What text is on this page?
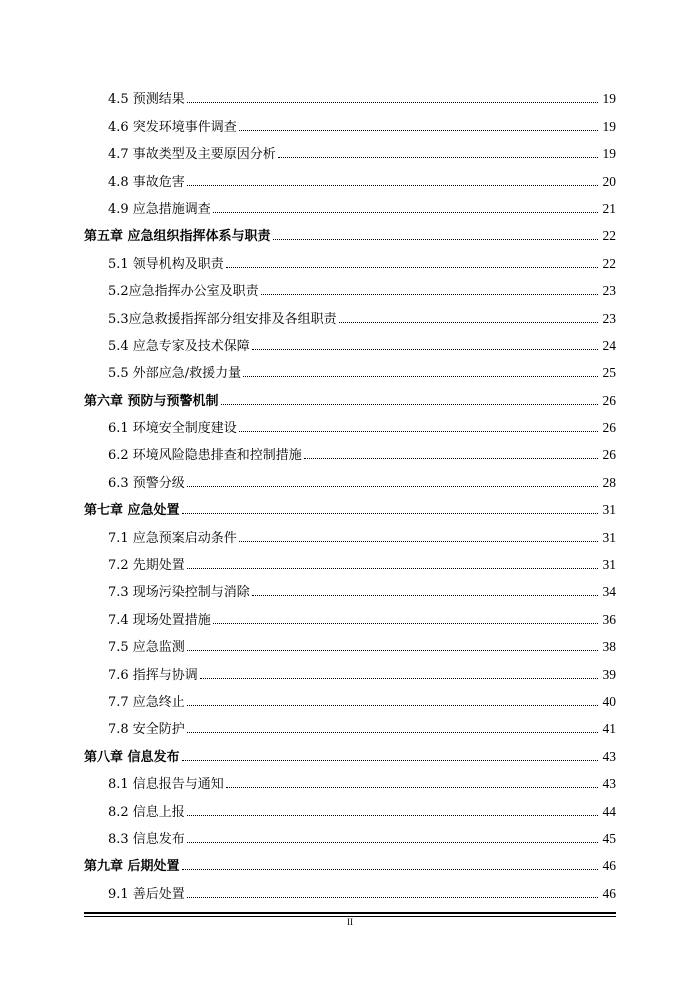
4.5 预测结果	19
4.6 突发环境事件调查	19
4.7 事故类型及主要原因分析	19
4.8 事故危害	20
4.9 应急措施调查	21
第五章 应急组织指挥体系与职责	22
5.1 领导机构及职责	22
5.2应急指挥办公室及职责	23
5.3应急救援指挥部分组安排及各组职责	23
5.4 应急专家及技术保障	24
5.5 外部应急/救援力量	25
第六章 预防与预警机制	26
6.1 环境安全制度建设	26
6.2 环境风险隐患排查和控制措施	26
6.3 预警分级	28
第七章 应急处置	31
7.1 应急预案启动条件	31
7.2 先期处置	31
7.3 现场污染控制与消除	34
7.4 现场处置措施	36
7.5 应急监测	38
7.6 指挥与协调	39
7.7 应急终止	40
7.8 安全防护	41
第八章 信息发布	43
8.1 信息报告与通知	43
8.2 信息上报	44
8.3 信息发布	45
第九章 后期处置	46
9.1 善后处置	46
II
